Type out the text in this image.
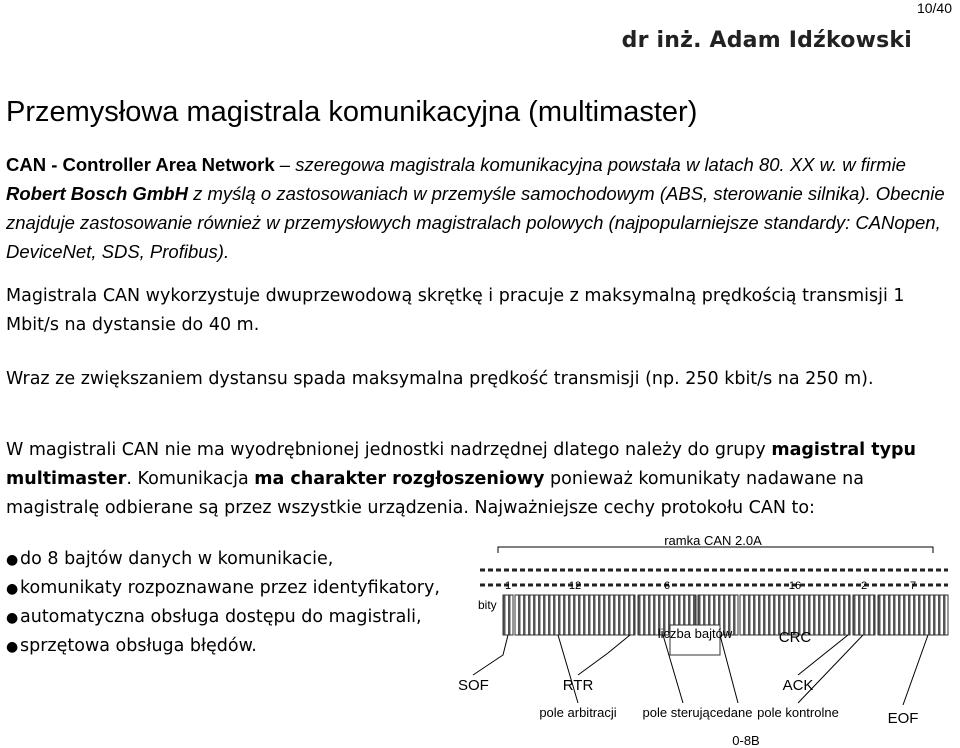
10/40
dr inż. Adam Idźkowski
Przemysłowa magistrala komunikacyjna (multimaster)

CAN - Controller Area Network – szeregowa magistrala komunikacyjna powstała w latach 80. XX w. w firmie Robert Bosch GmbH z myślą o zastosowaniach w przemyśle samochodowym (ABS, sterowanie silnika). Obecnie znajduje zastosowanie również w przemysłowych magistralach polowych (najpopularniejsze standardy: CANopen, DeviceNet, SDS, Profibus).

Magistrala CAN wykorzystuje dwuprzewodową skrętkę i pracuje z maksymalną prędkością transmisji 1 Mbit/s na dystansie do 40 m.

Wraz ze zwiększaniem dystansu spada maksymalna prędkość transmisji (np. 250 kbit/s na 250 m).

W magistrali CAN nie ma wyodrębnionej jednostki nadrzędnej dlatego należy do grupy magistral typu multimaster. Komunikacja ma charakter rozgłoszeniowy ponieważ komunikaty nadawane na magistralę odbierane są przez wszystkie urządzenia. Najważniejsze cechy protokołu CAN to:

● do 8 bajtów danych w komunikacie,
● komunikaty rozpoznawane przez identyfikatory,
● automatyczna obsługa dostępu do magistrali,
● sprzętowa obsługa błędów.
ramka CAN 2.0A
bity
1	12	6	16	2	7
liczba bajtów	CRC
SOF	RTR
pole arbitracji pole sterujące dane
0-8B
ACK
pole kontrolne	EOF
